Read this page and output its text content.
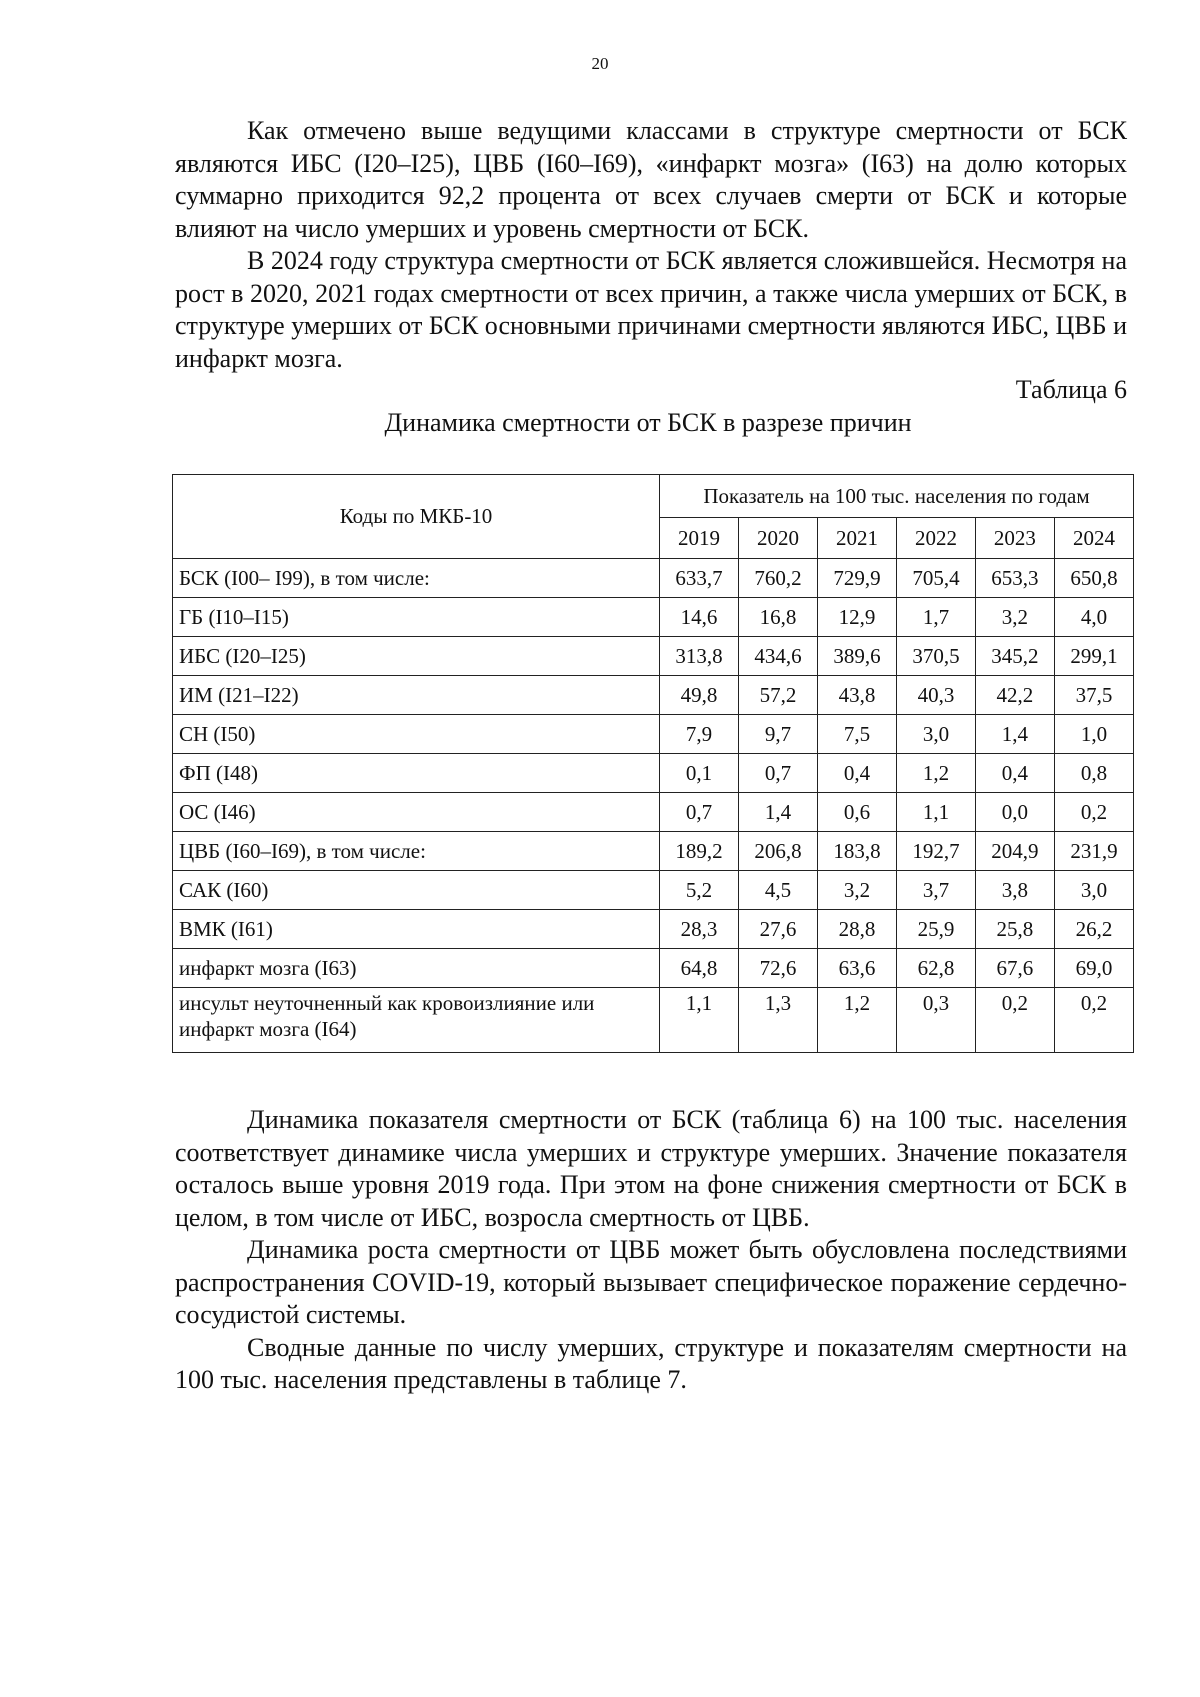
20

Как отмечено выше ведущими классами в структуре смертности от БСК являются ИБС (I20–I25), ЦВБ (I60–I69), «инфаркт мозга» (I63) на долю которых суммарно приходится 92,2 процента от всех случаев смерти от БСК и которые влияют на число умерших и уровень смертности от БСК.

В 2024 году структура смертности от БСК является сложившейся. Несмотря на рост в 2020, 2021 годах смертности от всех причин, а также числа умерших от БСК, в структуре умерших от БСК основными причинами смертности являются ИБС, ЦВБ и инфаркт мозга.

Таблица 6
Динамика смертности от БСК в разрезе причин
Коды по МКБ-10	Показатель на 100 тыс. населения по годам					
	2019	2020	2021	2022	2023	2024
БСК (I00– I99), в том числе:	633,7	760,2	729,9	705,4	653,3	650,8
ГБ (I10–I15)	14,6	16,8	12,9	1,7	3,2	4,0
ИБС (I20–I25)	313,8	434,6	389,6	370,5	345,2	299,1
ИМ (I21–I22)	49,8	57,2	43,8	40,3	42,2	37,5
СН (I50)	7,9	9,7	7,5	3,0	1,4	1,0
ФП (I48)	0,1	0,7	0,4	1,2	0,4	0,8
ОС (I46)	0,7	1,4	0,6	1,1	0,0	0,2
ЦВБ (I60–I69), в том числе:	189,2	206,8	183,8	192,7	204,9	231,9
САК (I60)	5,2	4,5	3,2	3,7	3,8	3,0
ВМК (I61)	28,3	27,6	28,8	25,9	25,8	26,2
инфаркт мозга (I63)	64,8	72,6	63,6	62,8	67,6	69,0
инсульт неуточненный как кровоизлияние или инфаркт мозга (I64)	1,1	1,3	1,2	0,3	0,2	0,2

Динамика показателя смертности от БСК (таблица 6) на 100 тыс. населения соответствует динамике числа умерших и структуре умерших. Значение показателя осталось выше уровня 2019 года. При этом на фоне снижения смертности от БСК в целом, в том числе от ИБС, возросла смертность от ЦВБ.

Динамика роста смертности от ЦВБ может быть обусловлена последствиями распространения COVID-19, который вызывает специфическое поражение сердечно-сосудистой системы.

Сводные данные по числу умерших, структуре и показателям смертности на 100 тыс. населения представлены в таблице 7.
